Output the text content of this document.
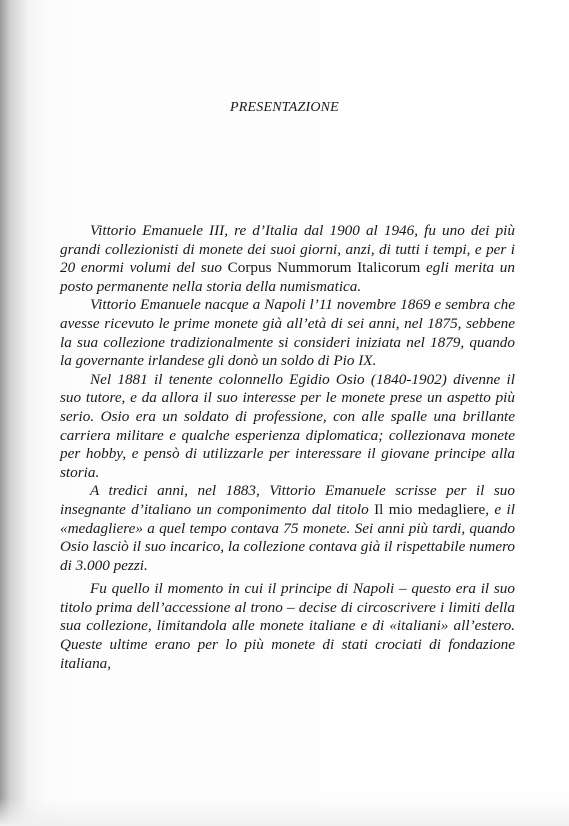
PRESENTAZIONE

Vittorio Emanuele III, re d’Italia dal 1900 al 1946, fu uno dei più grandi collezionisti di monete dei suoi giorni, anzi, di tutti i tempi, e per i 20 enormi volumi del suo Corpus Nummorum Italicorum egli merita un posto permanente nella storia della numismatica.

Vittorio Emanuele nacque a Napoli l’11 novembre 1869 e sembra che avesse ricevuto le prime monete già all’età di sei anni, nel 1875, sebbene la sua collezione tradizionalmente si consideri iniziata nel 1879, quando la governante irlandese gli donò un soldo di Pio IX.

Nel 1881 il tenente colonnello Egidio Osio (1840-1902) divenne il suo tutore, e da allora il suo interesse per le monete prese un aspetto più serio. Osio era un soldato di professione, con alle spalle una brillante carriera militare e qualche esperienza diplomatica; collezionava monete per hobby, e pensò di utilizzarle per interessare il giovane principe alla storia.

A tredici anni, nel 1883, Vittorio Emanuele scrisse per il suo insegnante d’italiano un componimento dal titolo Il mio medagliere, e il «medagliere» a quel tempo contava 75 monete. Sei anni più tardi, quando Osio lasciò il suo incarico, la collezione contava già il rispettabile numero di 3.000 pezzi.

Fu quello il momento in cui il principe di Napoli – questo era il suo titolo prima dell’accessione al trono – decise di circoscrivere i limiti della sua collezione, limitandola alle monete italiane e di «italiani» all’estero. Queste ultime erano per lo più monete di stati crociati di fondazione italiana,
